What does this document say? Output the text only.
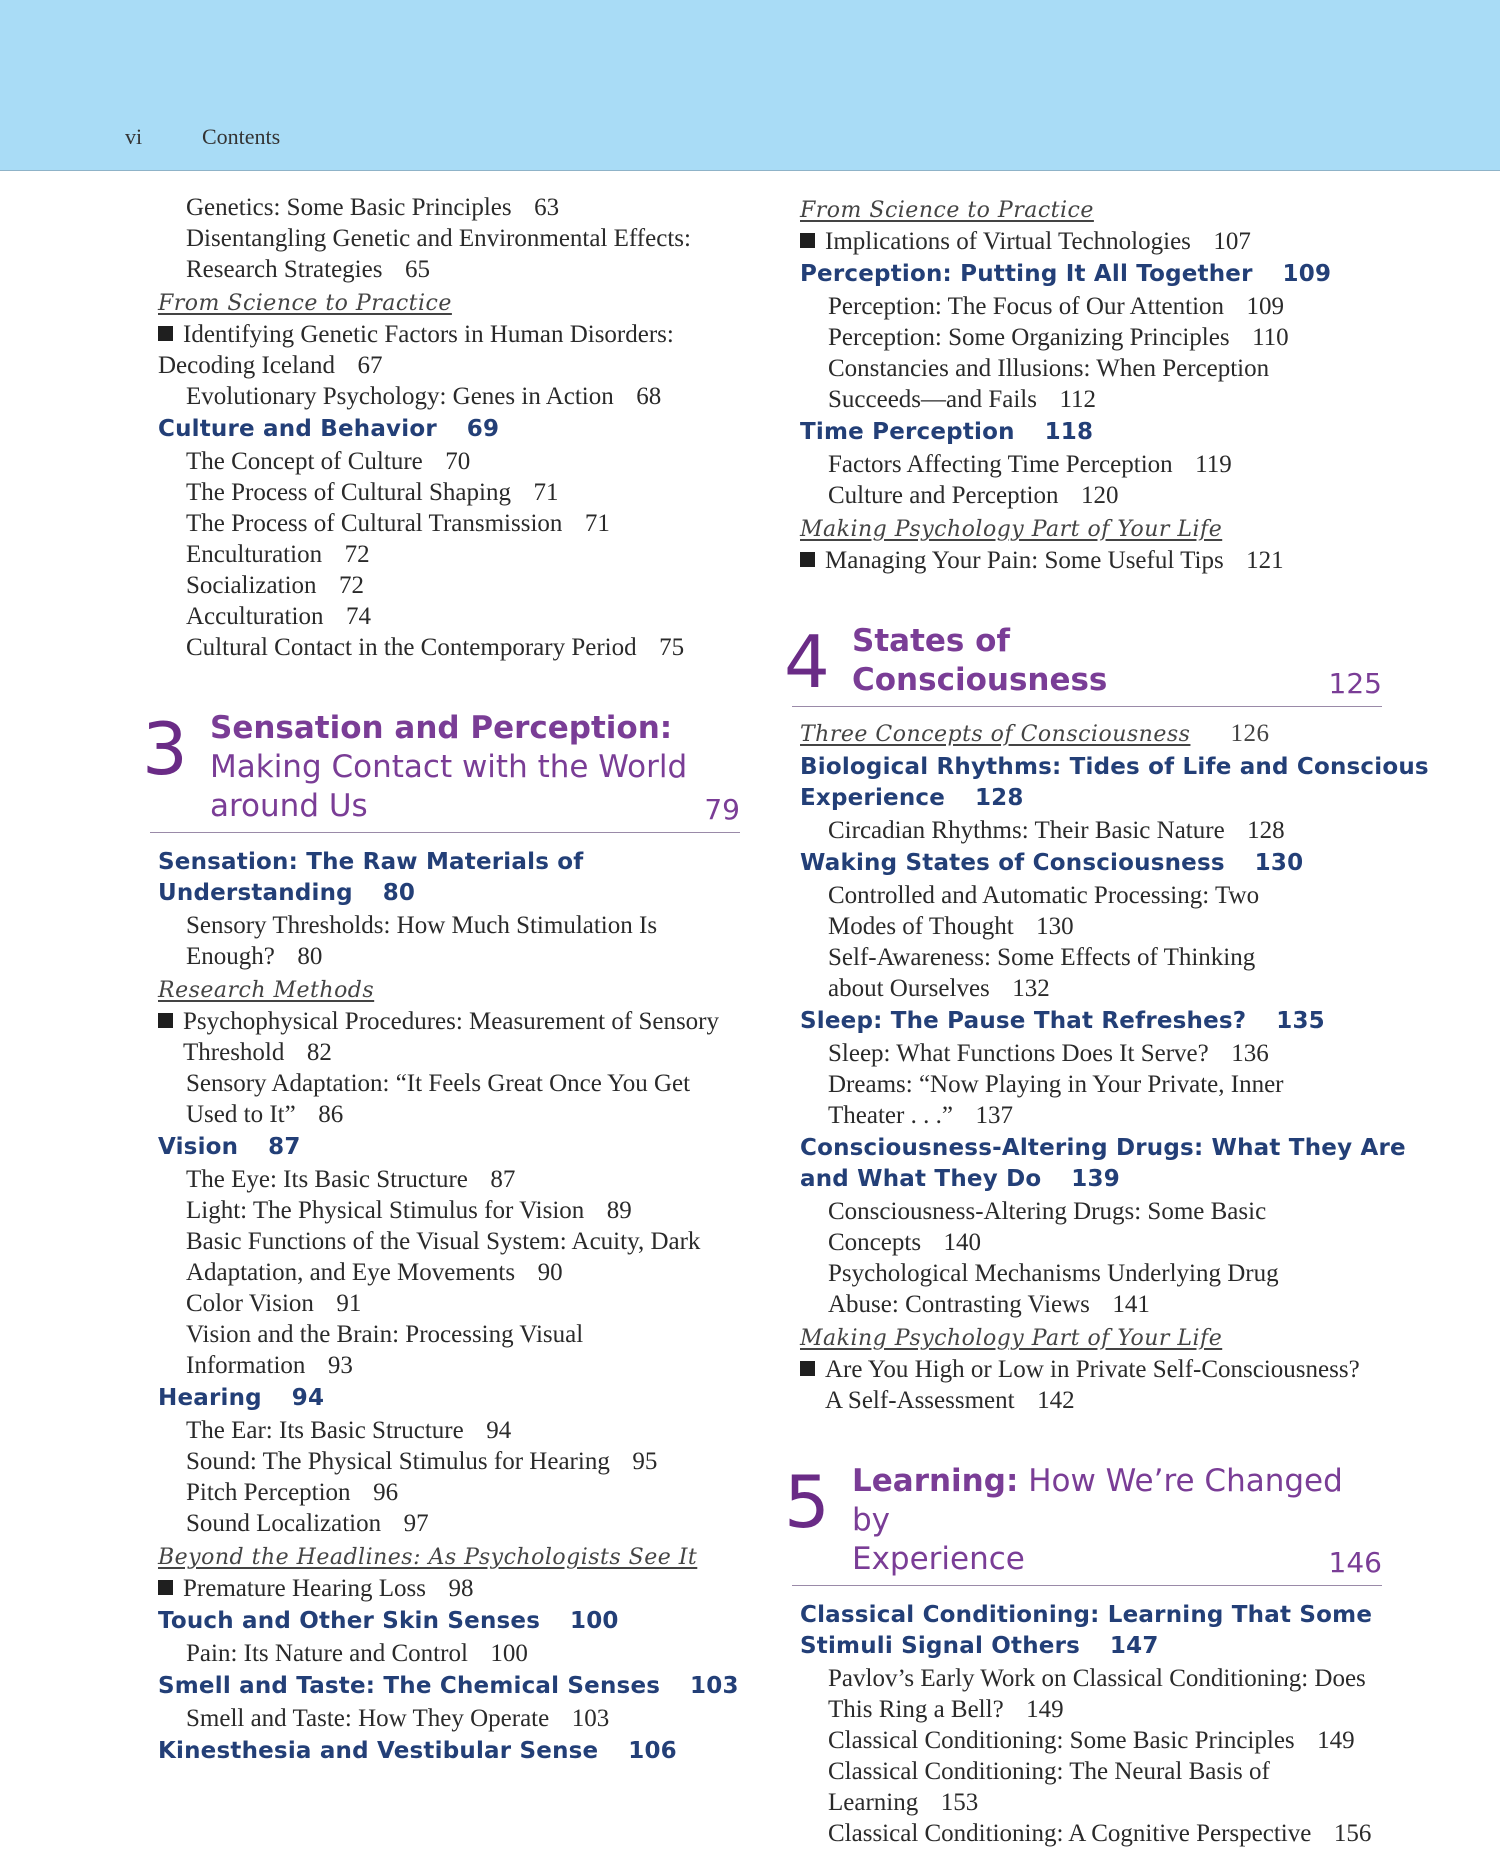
vi	Contents
Genetics: Some Basic Principles 63
Disentangling Genetic and Environmental Effects:
Research Strategies 65
From Science to Practice
Identifying Genetic Factors in Human Disorders:
Decoding Iceland 67
Evolutionary Psychology: Genes in Action 68
Culture and Behavior 69
The Concept of Culture 70
The Process of Cultural Shaping 71
The Process of Cultural Transmission 71
Enculturation 72
Socialization 72
Acculturation 74
Cultural Contact in the Contemporary Period 75
3 Sensation and Perception:
Making Contact with the World
around Us	79
Sensation: The Raw Materials of
Understanding 80
Sensory Thresholds: How Much Stimulation Is
Enough? 80
Research Methods
Psychophysical Procedures: Measurement of Sensory
Threshold 82
Sensory Adaptation: “It Feels Great Once You Get
Used to It” 86
Vision 87
The Eye: Its Basic Structure 87
Light: The Physical Stimulus for Vision 89
Basic Functions of the Visual System: Acuity, Dark
Adaptation, and Eye Movements 90
Color Vision 91
Vision and the Brain: Processing Visual
Information 93
Hearing 94
The Ear: Its Basic Structure 94
Sound: The Physical Stimulus for Hearing 95
Pitch Perception 96
Sound Localization 97
Beyond the Headlines: As Psychologists See It
Premature Hearing Loss 98
Touch and Other Skin Senses 100
Pain: Its Nature and Control 100
Smell and Taste: The Chemical Senses 103
Smell and Taste: How They Operate 103
Kinesthesia and Vestibular Sense 106
From Science to Practice
Implications of Virtual Technologies 107
Perception: Putting It All Together 109
Perception: The Focus of Our Attention 109
Perception: Some Organizing Principles 110
Constancies and Illusions: When Perception
Succeeds—and Fails 112
Time Perception 118
Factors Affecting Time Perception 119
Culture and Perception 120
Making Psychology Part of Your Life
Managing Your Pain: Some Useful Tips 121
4 States of
Consciousness	125
Three Concepts of Consciousness 126
Biological Rhythms: Tides of Life and Conscious
Experience 128
Circadian Rhythms: Their Basic Nature 128
Waking States of Consciousness 130
Controlled and Automatic Processing: Two
Modes of Thought 130
Self-Awareness: Some Effects of Thinking
about Ourselves 132
Sleep: The Pause That Refreshes? 135
Sleep: What Functions Does It Serve? 136
Dreams: “Now Playing in Your Private, Inner
Theater . . .” 137
Consciousness-Altering Drugs: What They Are
and What They Do 139
Consciousness-Altering Drugs: Some Basic
Concepts 140
Psychological Mechanisms Underlying Drug
Abuse: Contrasting Views 141
Making Psychology Part of Your Life
Are You High or Low in Private Self-Consciousness?
A Self-Assessment 142
5 Learning: How We’re Changed by
Experience	146
Classical Conditioning: Learning That Some
Stimuli Signal Others 147
Pavlov’s Early Work on Classical Conditioning: Does
This Ring a Bell? 149
Classical Conditioning: Some Basic Principles 149
Classical Conditioning: The Neural Basis of
Learning 153
Classical Conditioning: A Cognitive Perspective 156
